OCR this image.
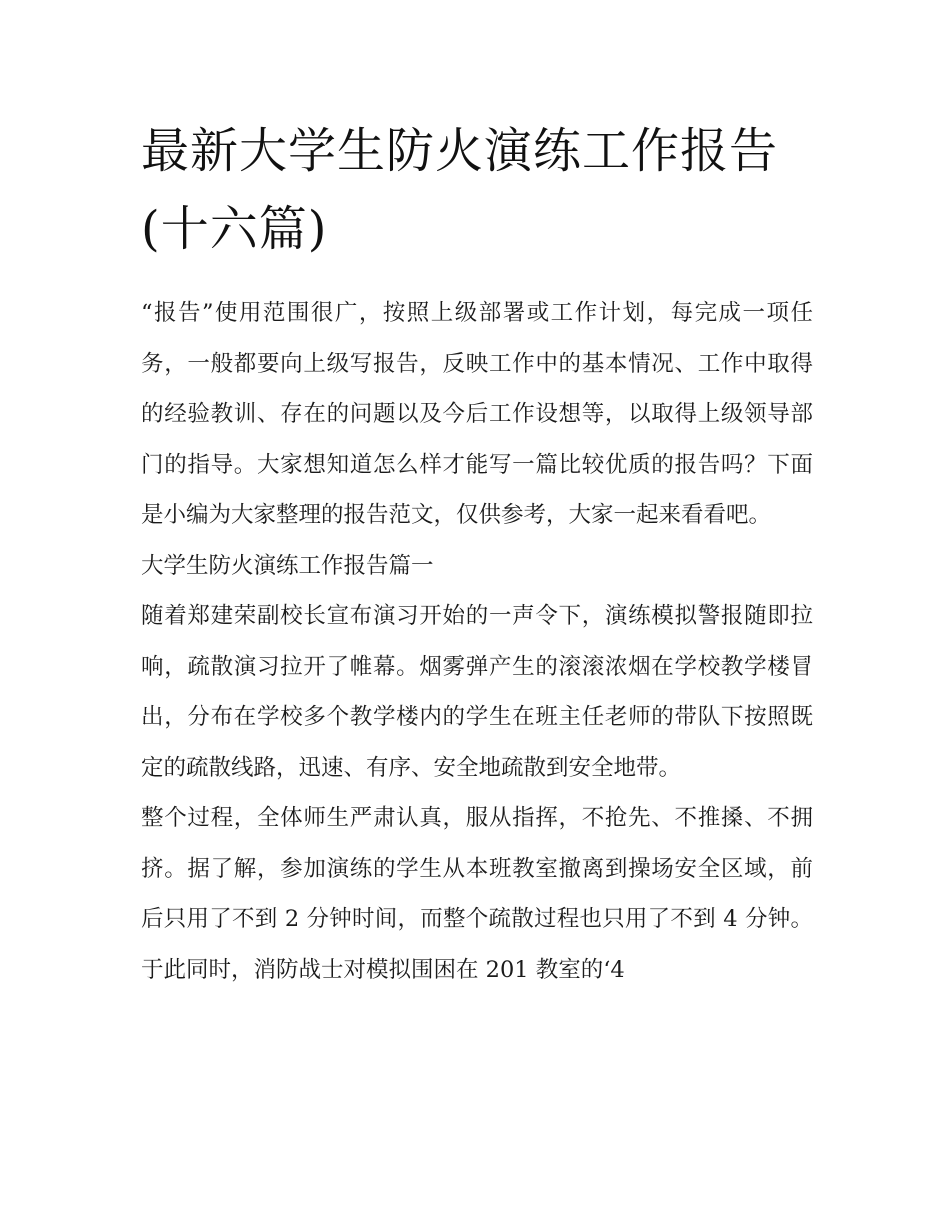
最新大学生防火演练工作报告(十六篇)

“报告”使用范围很广，按照上级部署或工作计划，每完成一项任务，一般都要向上级写报告，反映工作中的基本情况、工作中取得的经验教训、存在的问题以及今后工作设想等，以取得上级领导部门的指导。大家想知道怎么样才能写一篇比较优质的报告吗？下面是小编为大家整理的报告范文，仅供参考，大家一起来看看吧。

大学生防火演练工作报告篇一

随着郑建荣副校长宣布演习开始的一声令下，演练模拟警报随即拉响，疏散演习拉开了帷幕。烟雾弹产生的滚滚浓烟在学校教学楼冒出，分布在学校多个教学楼内的学生在班主任老师的带队下按照既定的疏散线路，迅速、有序、安全地疏散到安全地带。

整个过程，全体师生严肃认真，服从指挥，不抢先、不推搡、不拥挤。据了解，参加演练的学生从本班教室撤离到操场安全区域，前后只用了不到 2 分钟时间，而整个疏散过程也只用了不到 4 分钟。于此同时，消防战士对模拟围困在 201 教室的‘4
